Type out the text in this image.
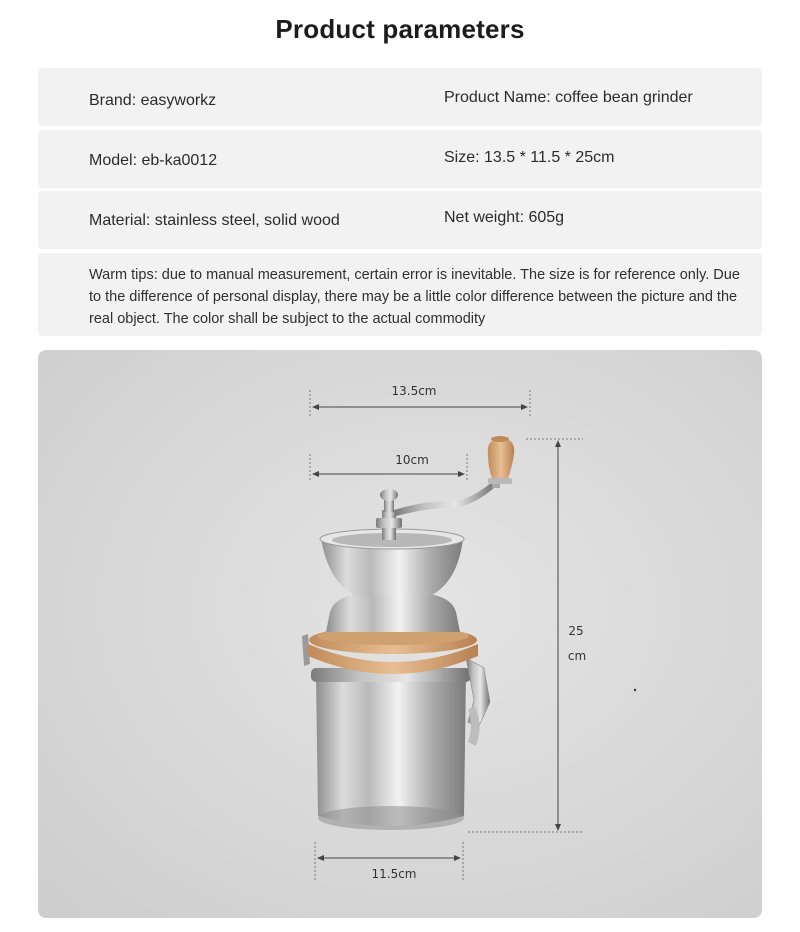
Product parameters
Brand: easyworkz	Product Name: coffee bean grinder
Model: eb-ka0012	Size: 13.5 * 11.5 * 25cm
Material: stainless steel, solid wood	Net weight: 605g
Warm tips: due to manual measurement, certain error is inevitable. The size is for reference only. Due to the difference of personal display, there may be a little color difference between the picture and the real object. The color shall be subject to the actual commodity
13.5cm
10cm
25
cm
11.5cm
